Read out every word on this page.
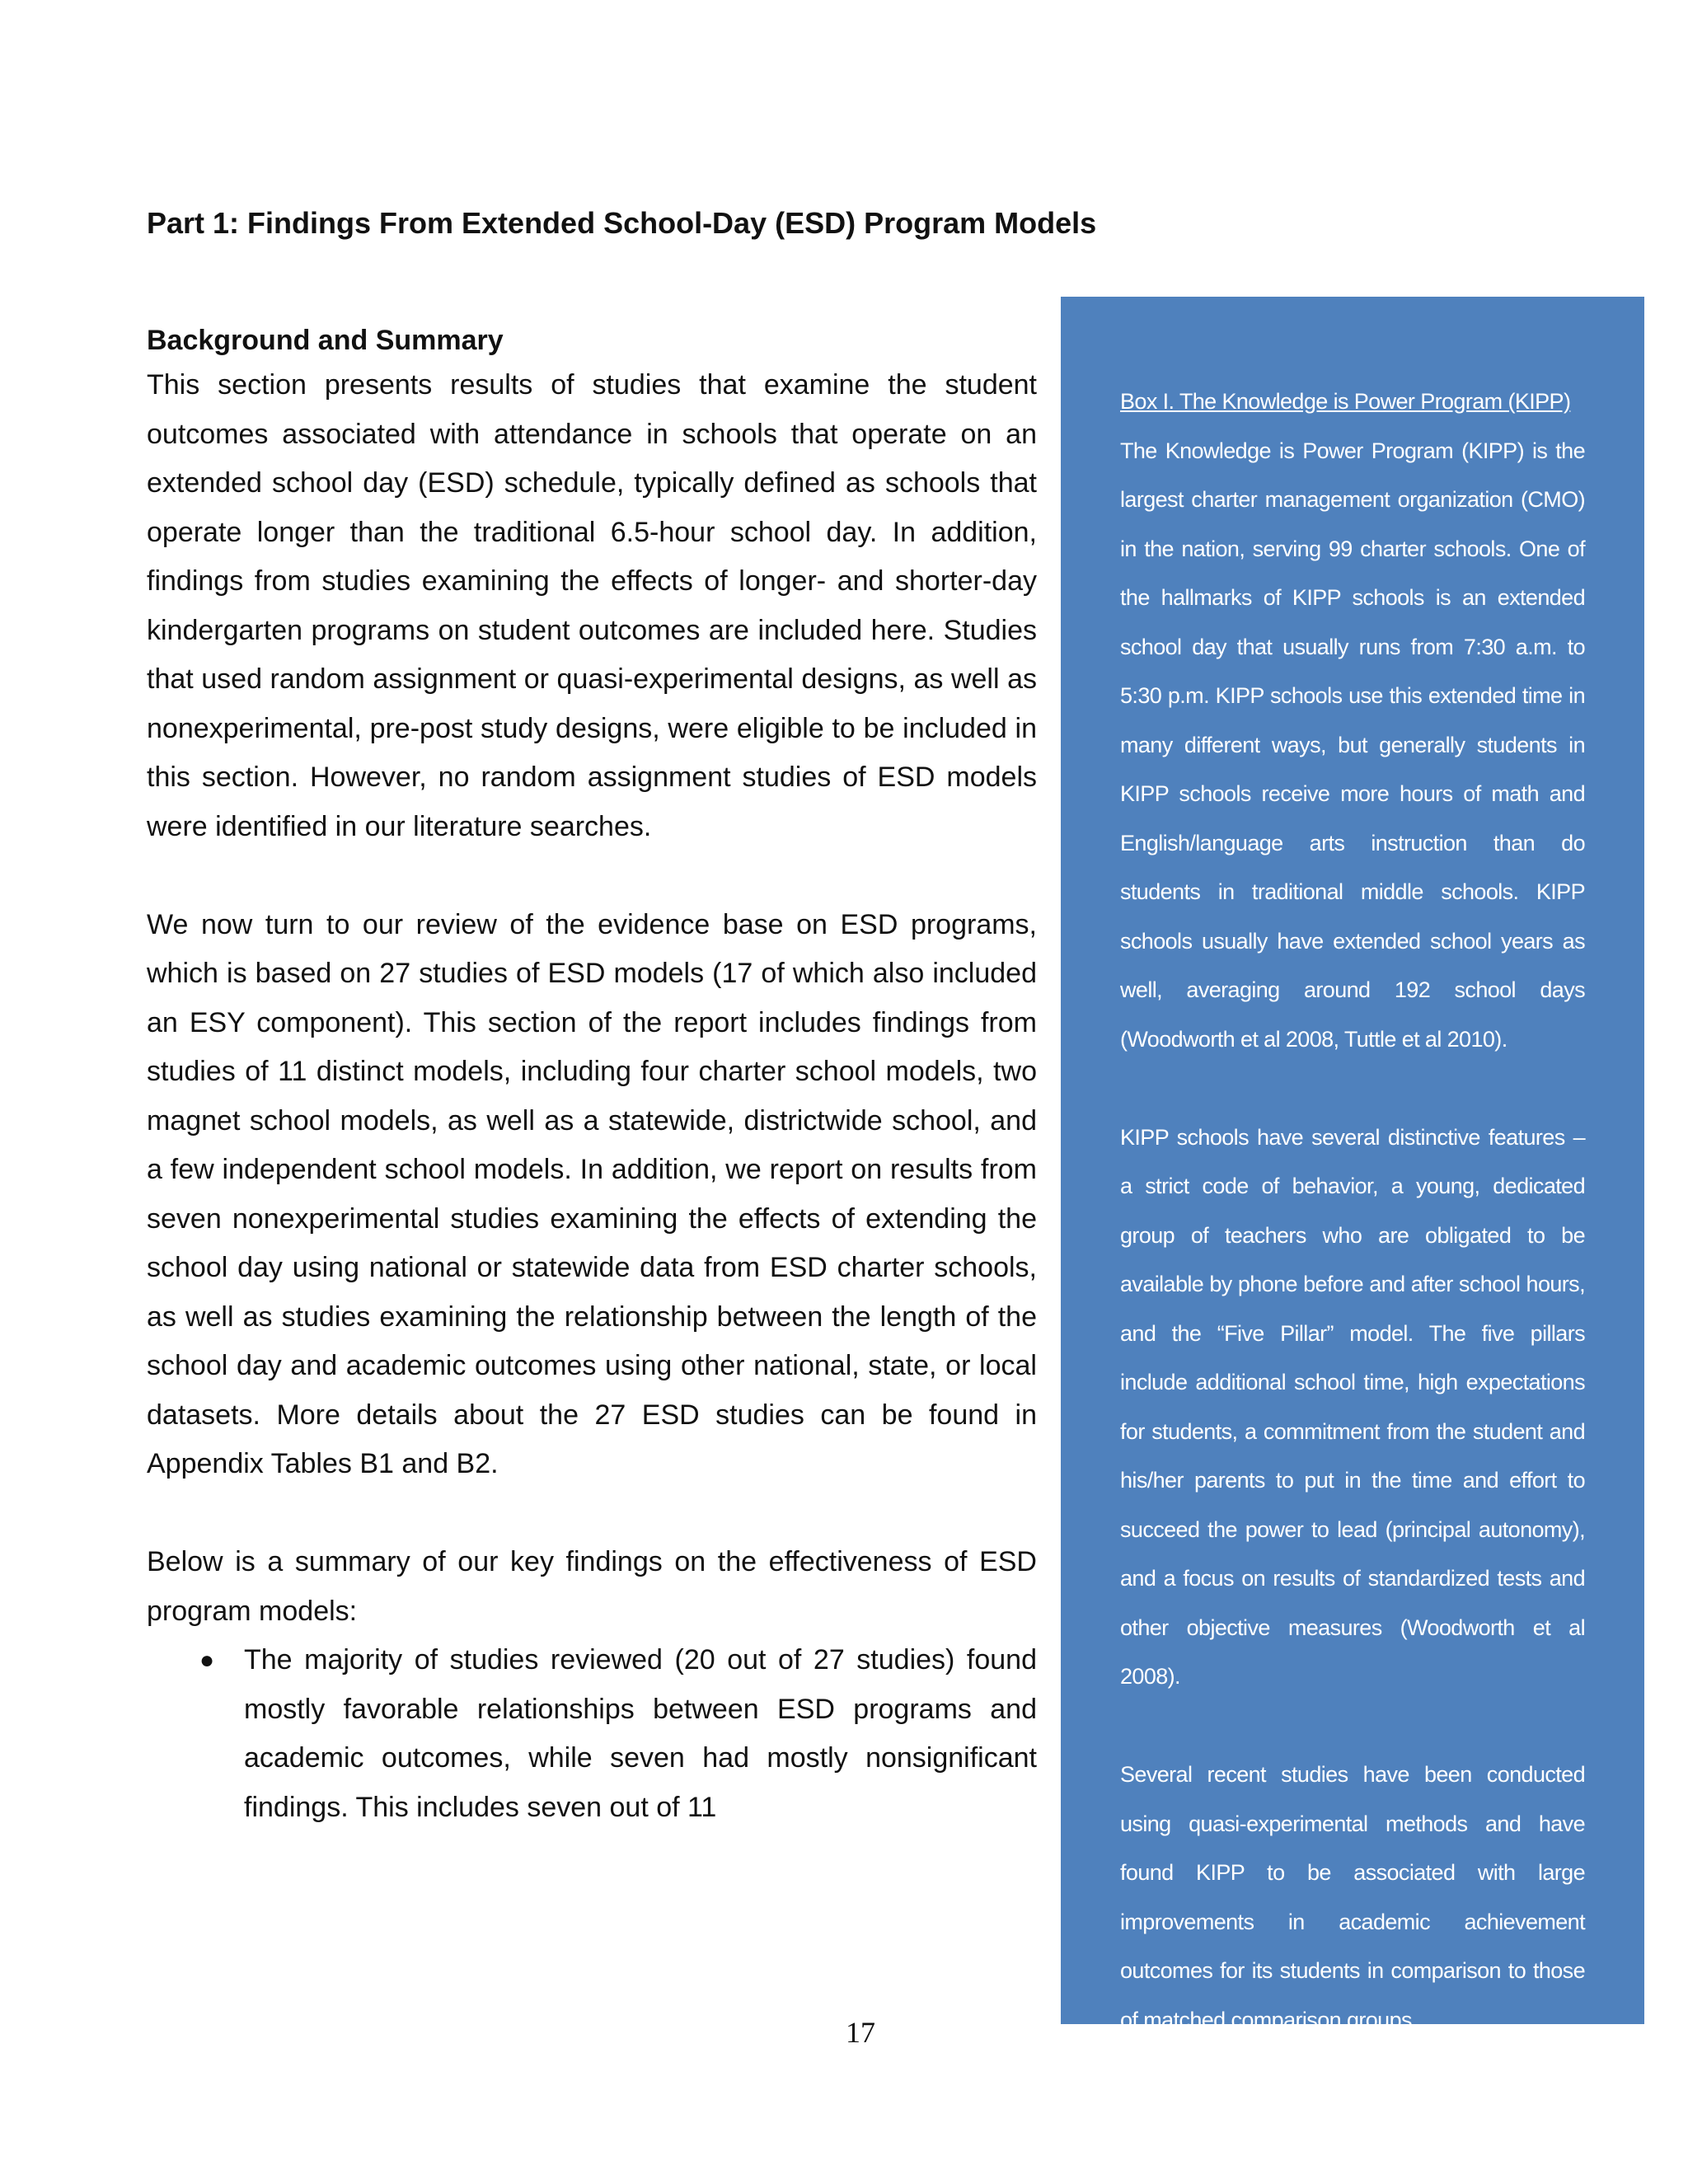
Part 1: Findings From Extended School-Day (ESD) Program Models
Background and Summary

This section presents results of studies that examine the student outcomes associated with attendance in schools that operate on an extended school day (ESD) schedule, typically defined as schools that operate longer than the traditional 6.5-hour school day. In addition, findings from studies examining the effects of longer- and shorter-day kindergarten programs on student outcomes are included here. Studies that used random assignment or quasi-experimental designs, as well as nonexperimental, pre-post study designs, were eligible to be included in this section. However, no random assignment studies of ESD models were identified in our literature searches.

We now turn to our review of the evidence base on ESD programs, which is based on 27 studies of ESD models (17 of which also included an ESY component). This section of the report includes findings from studies of 11 distinct models, including four charter school models, two magnet school models, as well as a statewide, districtwide school, and a few independent school models. In addition, we report on results from seven nonexperimental studies examining the effects of extending the school day using national or statewide data from ESD charter schools, as well as studies examining the relationship between the length of the school day and academic outcomes using other national, state, or local datasets. More details about the 27 ESD studies can be found in Appendix Tables B1 and B2.

Below is a summary of our key findings on the effectiveness of ESD program models:

● The majority of studies reviewed (20 out of 27 studies) found mostly favorable relationships between ESD programs and academic outcomes, while seven had mostly nonsignificant findings. This includes seven out of 11

Box I. The Knowledge is Power Program (KIPP)

The Knowledge is Power Program (KIPP) is the largest charter management organization (CMO) in the nation, serving 99 charter schools. One of the hallmarks of KIPP schools is an extended school day that usually runs from 7:30 a.m. to 5:30 p.m. KIPP schools use this extended time in many different ways, but generally students in KIPP schools receive more hours of math and English/language arts instruction than do students in traditional middle schools. KIPP schools usually have extended school years as well, averaging around 192 school days (Woodworth et al 2008, Tuttle et al 2010).

KIPP schools have several distinctive features – a strict code of behavior, a young, dedicated group of teachers who are obligated to be available by phone before and after school hours, and the “Five Pillar” model. The five pillars include additional school time, high expectations for students, a commitment from the student and his/her parents to put in the time and effort to succeed the power to lead (principal autonomy), and a focus on results of standardized tests and other objective measures (Woodworth et al 2008).

Several recent studies have been conducted using quasi-experimental methods and have found KIPP to be associated with large improvements in academic achievement outcomes for its students in comparison to those of matched comparison groups.

17
